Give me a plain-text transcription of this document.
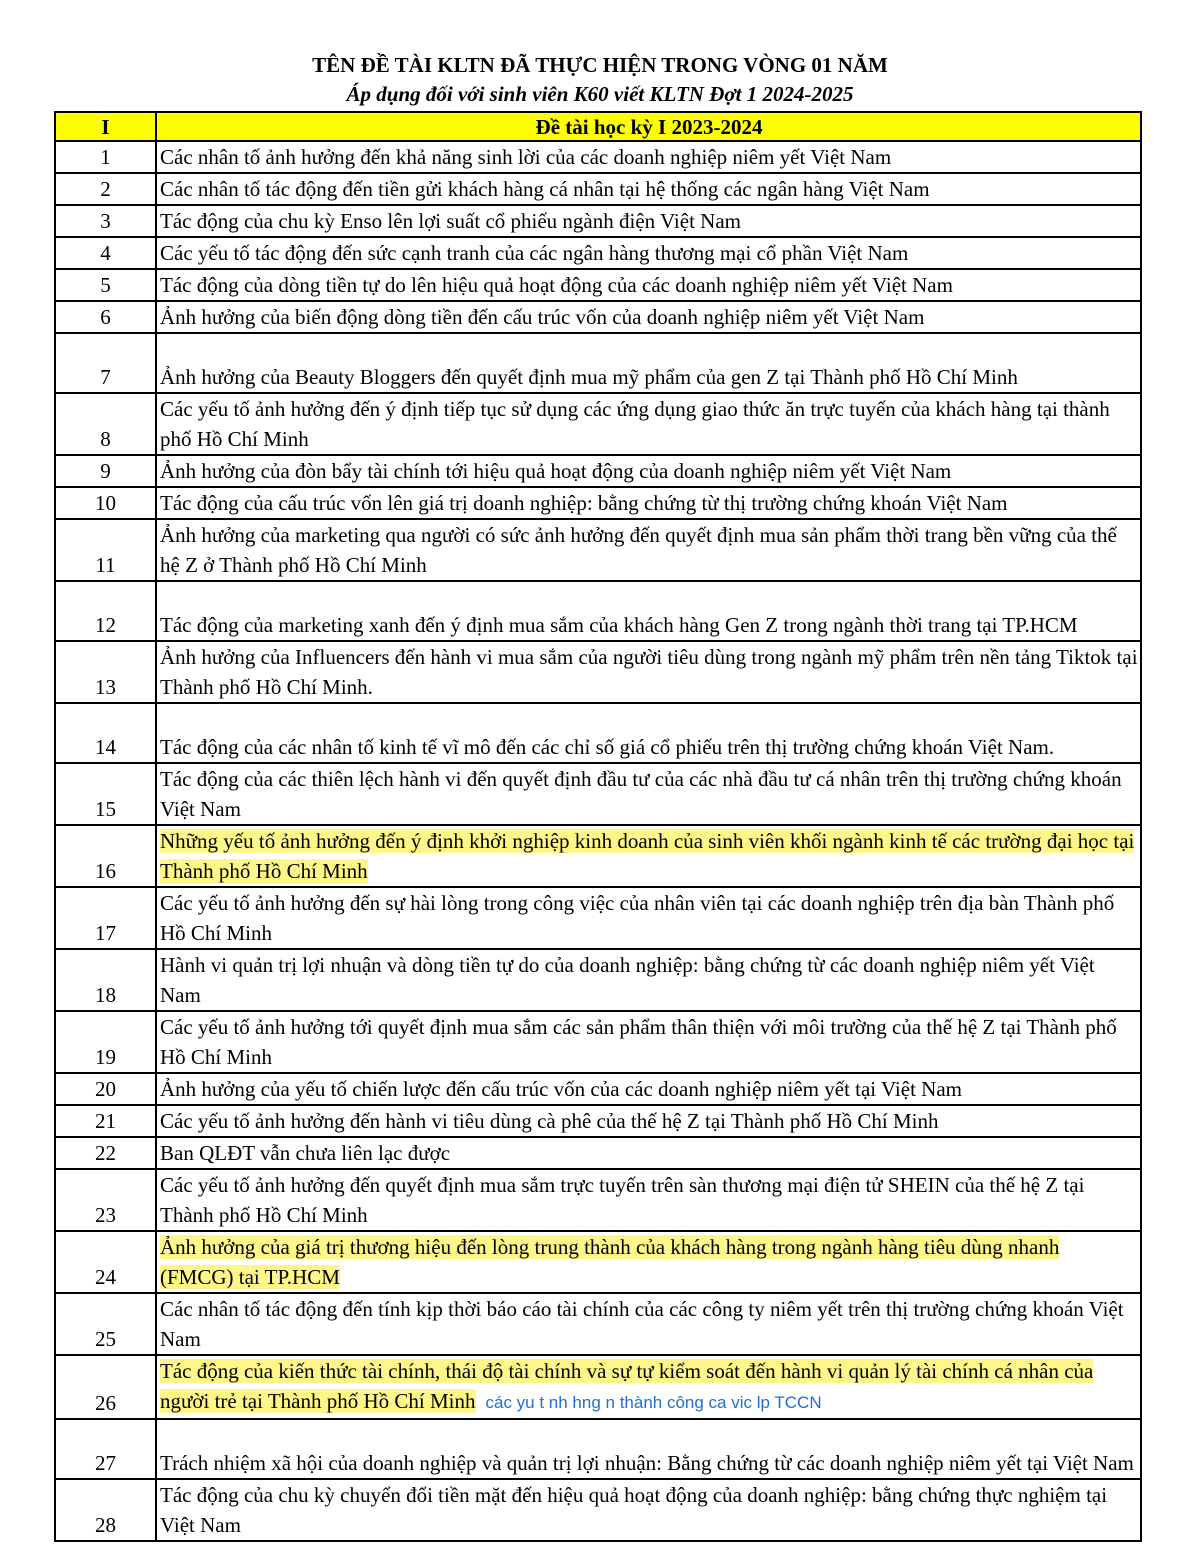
TÊN ĐỀ TÀI KLTN ĐÃ THỰC HIỆN TRONG VÒNG 01 NĂM
Áp dụng đối với sinh viên K60 viết KLTN Đợt 1 2024-2025
I	Đề tài học kỳ I 2023-2024
1	Các nhân tố ảnh hưởng đến khả năng sinh lời của các doanh nghiệp niêm yết Việt Nam
2	Các nhân tố tác động đến tiền gửi khách hàng cá nhân tại hệ thống các ngân hàng Việt Nam
3	Tác động của chu kỳ Enso lên lợi suất cổ phiếu ngành điện Việt Nam
4	Các yếu tố tác động đến sức cạnh tranh của các ngân hàng thương mại cổ phần Việt Nam
5	Tác động của dòng tiền tự do lên hiệu quả hoạt động của các doanh nghiệp niêm yết Việt Nam
6	Ảnh hưởng của biến động dòng tiền đến cấu trúc vốn của doanh nghiệp niêm yết Việt Nam
7	Ảnh hưởng của Beauty Bloggers đến quyết định mua mỹ phẩm của gen Z tại Thành phố Hồ Chí Minh
8	Các yếu tố ảnh hưởng đến ý định tiếp tục sử dụng các ứng dụng giao thức ăn trực tuyến của khách hàng tại thành phố Hồ Chí Minh
9	Ảnh hưởng của đòn bẩy tài chính tới hiệu quả hoạt động của doanh nghiệp niêm yết Việt Nam
10	Tác động của cấu trúc vốn lên giá trị doanh nghiệp: bằng chứng từ thị trường chứng khoán Việt Nam
11	Ảnh hưởng của marketing qua người có sức ảnh hưởng đến quyết định mua sản phẩm thời trang bền vững của thế hệ Z ở Thành phố Hồ Chí Minh
12	Tác động của marketing xanh đến ý định mua sắm của khách hàng Gen Z trong ngành thời trang tại TP.HCM
13	Ảnh hưởng của Influencers đến hành vi mua sắm của người tiêu dùng trong ngành mỹ phẩm trên nền tảng Tiktok tại Thành phố Hồ Chí Minh.
14	Tác động của các nhân tố kinh tế vĩ mô đến các chỉ số giá cổ phiếu trên thị trường chứng khoán Việt Nam.
15	Tác động của các thiên lệch hành vi đến quyết định đầu tư của các nhà đầu tư cá nhân trên thị trường chứng khoán Việt Nam
16	Những yếu tố ảnh hưởng đến ý định khởi nghiệp kinh doanh của sinh viên khối ngành kinh tế các trường đại học tại Thành phố Hồ Chí Minh
17	Các yếu tố ảnh hưởng đến sự hài lòng trong công việc của nhân viên tại các doanh nghiệp trên địa bàn Thành phố Hồ Chí Minh
18	Hành vi quản trị lợi nhuận và dòng tiền tự do của doanh nghiệp: bằng chứng từ các doanh nghiệp niêm yết Việt Nam
19	Các yếu tố ảnh hưởng tới quyết định mua sắm các sản phẩm thân thiện với môi trường của thế hệ Z tại Thành phố Hồ Chí Minh
20	Ảnh hưởng của yếu tố chiến lược đến cấu trúc vốn của các doanh nghiệp niêm yết tại Việt Nam
21	Các yếu tố ảnh hưởng đến hành vi tiêu dùng cà phê của thế hệ Z tại Thành phố Hồ Chí Minh
22	Ban QLĐT vẫn chưa liên lạc được
23	Các yếu tố ảnh hưởng đến quyết định mua sắm trực tuyến trên sàn thương mại điện tử SHEIN của thế hệ Z tại Thành phố Hồ Chí Minh
24	Ảnh hưởng của giá trị thương hiệu đến lòng trung thành của khách hàng trong ngành hàng tiêu dùng nhanh (FMCG) tại TP.HCM
25	Các nhân tố tác động đến tính kịp thời báo cáo tài chính của các công ty niêm yết trên thị trường chứng khoán Việt Nam
26	Tác động của kiến thức tài chính, thái độ tài chính và sự tự kiểm soát đến hành vi quản lý tài chính cá nhân của người trẻ tại Thành phố Hồ Chí Minh các yu t nh hng n thành công ca vic lp TCCN
27	Trách nhiệm xã hội của doanh nghiệp và quản trị lợi nhuận: Bằng chứng từ các doanh nghiệp niêm yết tại Việt Nam
28	Tác động của chu kỳ chuyển đổi tiền mặt đến hiệu quả hoạt động của doanh nghiệp: bằng chứng thực nghiệm tại Việt Nam
